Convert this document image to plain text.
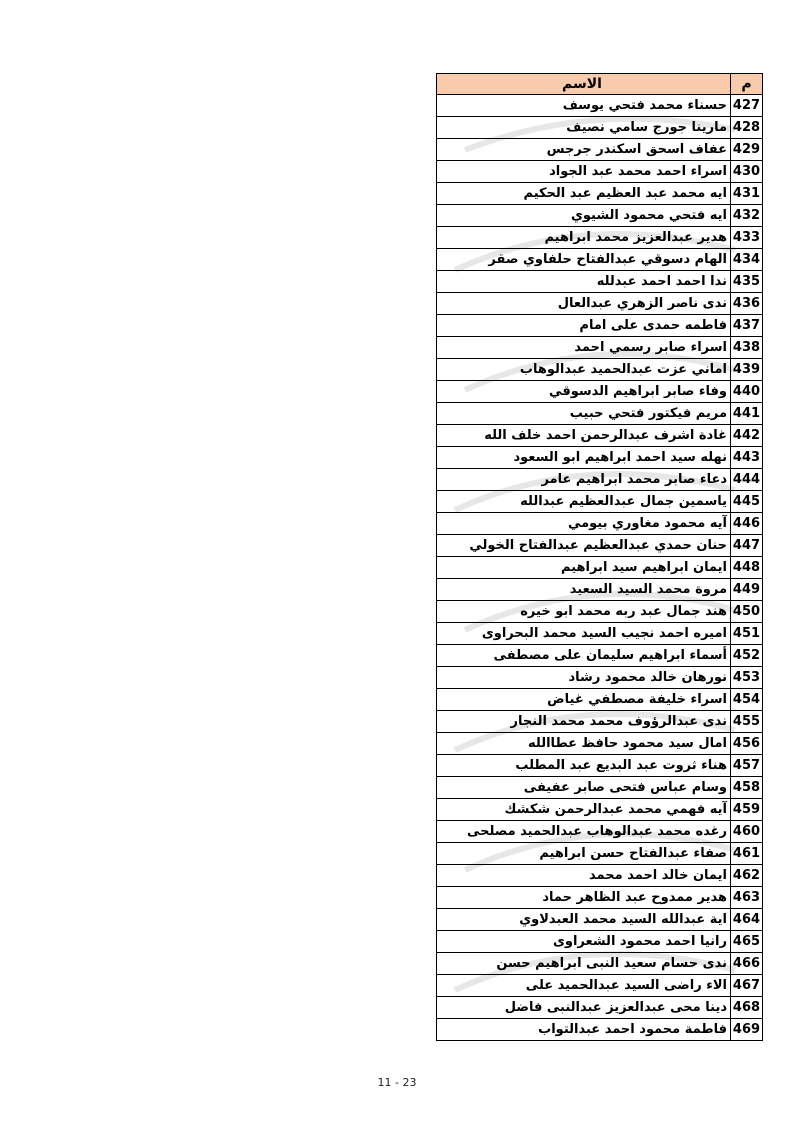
م	الاسم
427	حسناء محمد فتحي يوسف
428	مارينا جورج سامي نصيف
429	عفاف اسحق اسكندر جرجس
430	اسراء احمد محمد عبد الجواد
431	ايه محمد عبد العظيم عبد الحكيم
432	ايه فتحي محمود الشيوي
433	هدير عبدالعزيز محمد ابراهيم
434	الهام دسوقي عبدالفتاح حلفاوي صقر
435	ندا احمد احمد عبدلله
436	ندى ناصر الزهري عبدالعال
437	فاطمه حمدى على امام
438	اسراء صابر رسمي احمد
439	اماني عزت عبدالحميد عبدالوهاب
440	وفاء صابر ابراهيم الدسوقي
441	مريم فيكتور فتحي حبيب
442	غادة اشرف عبدالرحمن احمد خلف الله
443	نهله سيد احمد ابراهيم ابو السعود
444	دعاء صابر محمد ابراهيم عامر
445	ياسمين جمال عبدالعظيم عبدالله
446	آيه محمود مغاوري بيومي
447	حنان حمدي عبدالعظيم عبدالفتاح الخولي
448	ايمان ابراهيم سيد ابراهيم
449	مروة محمد السيد السعيد
450	هند جمال عبد ربه محمد ابو خيره
451	اميره احمد نجيب السيد محمد البحراوى
452	أسماء ابراهيم سليمان على مصطفى
453	نورهان خالد محمود رشاد
454	اسراء خليفة مصطفي غياض
455	ندى عبدالرؤوف محمد محمد النجار
456	امال سيد محمود حافظ عطاالله
457	هناء ثروت عبد البديع عبد المطلب
458	وسام عباس فتحى صابر عفيفى
459	آيه فهمي محمد عبدالرحمن شكشك
460	رغده محمد عبدالوهاب عبدالحميد مصلحى
461	صفاء عبدالفتاح حسن ابراهيم
462	ايمان خالد احمد محمد
463	هدير ممدوح عبد الظاهر حماد
464	اية عبدالله السيد محمد العبدلاوي
465	رانيا احمد محمود الشعراوى
466	ندى حسام سعيد النبى ابراهيم حسن
467	الاء راضى السيد عبدالحميد على
468	دينا محى عبدالعزيز عبدالنبى فاضل
469	فاطمة محمود احمد عبدالتواب
11 - 23
